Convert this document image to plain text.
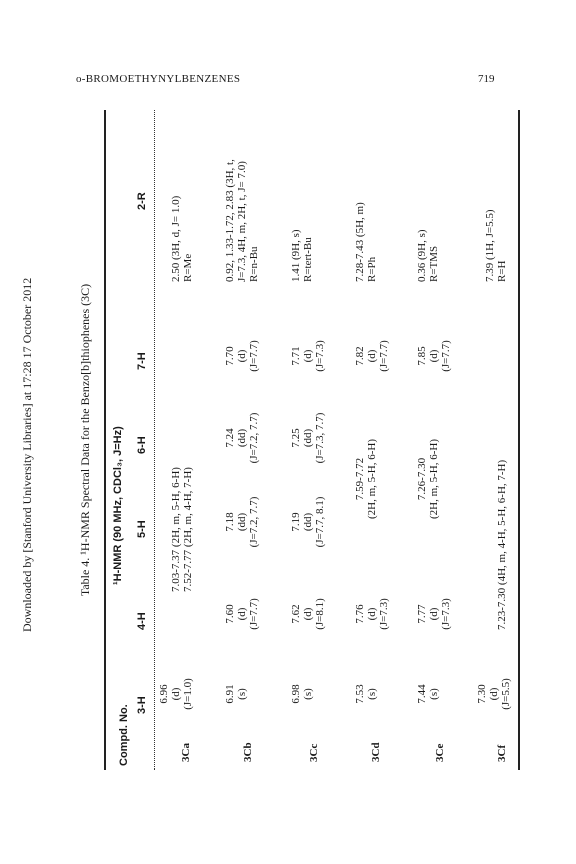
o-BROMOETHYNYLBENZENES	719
Downloaded by [Stanford University Libraries] at 17:28 17 October 2012	Table 4. ¹H-NMR Spectral Data for the Benzo[b]thiophenes (3C)
Compd. No.
¹H-NMR (90 MHz, CDCl₃, J=Hz)
3-H
4-H
5-H
6-H
7-H
2-R
3Ca
6.96 (d) (J=1.0)
7.03-7.37 (2H, m, 5-H, 6-H) 7.52-7.77 (2H, m, 4-H, 7-H)
2.50 (3H, d, J= 1.0) R=Me
3Cb
6.91 (s)
7.60 (d) (J=7.7)
7.18 (dd) (J=7.2, 7.7)
7.24 (dd) (J=7.2, 7.7)
7.70 (d) (J=7.7)
0.92, 1.33-1.72, 2.83 (3H, t, J=7.3, 4H, m, 2H, t, J= 7.0) R=n-Bu
3Cc
6.98 (s)
7.62 (d) (J=8.1)
7.19 (dd) (J=7.7, 8.1)
7.25 (dd) (J=7.3, 7.7)
7.71 (d) (J=7.3)
1.41 (9H, s) R=tert-Bu
3Cd
7.53 (s)
7.76 (d) (J=7.3)
7.59-7.72 (2H, m, 5-H, 6-H)
7.82 (d) (J=7.7)
7.28-7.43 (5H, m) R=Ph
3Ce
7.44 (s)
7.77 (d) (J=7.3)
7.26-7.30 (2H, m, 5-H, 6-H)
7.85 (d) (J=7.7)
0.36 (9H, s) R=TMS
3Cf
7.30 (d) (J=5.5)
7.23-7.30 (4H, m, 4-H, 5-H, 6-H, 7-H)
7.39 (1H, J=5.5) R=H
